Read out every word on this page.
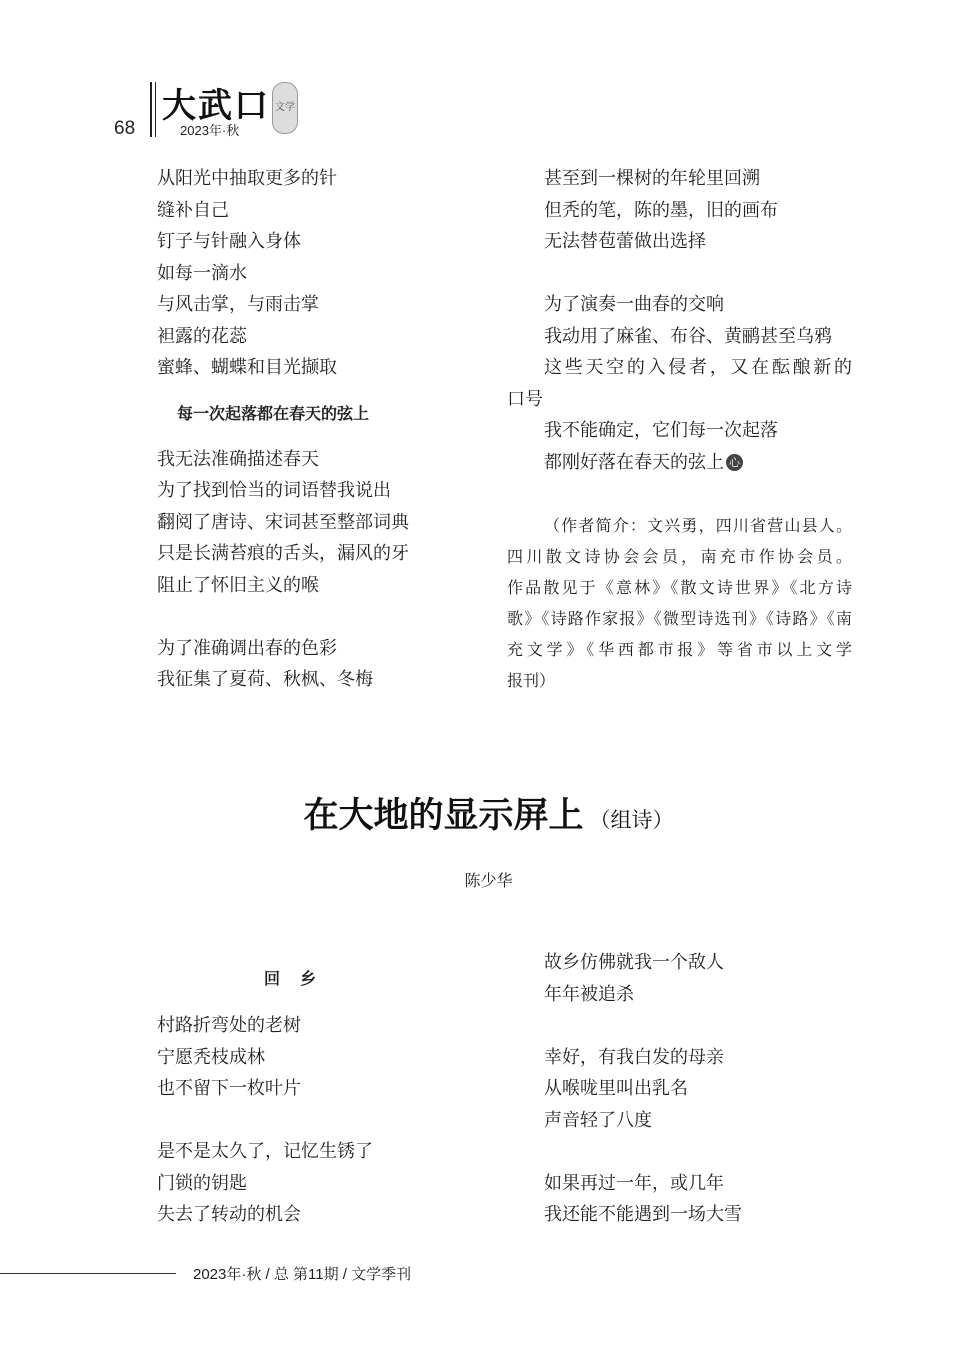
68
大武口 文学
2023年·秋
从阳光中抽取更多的针
缝补自己
钉子与针融入身体
如每一滴水
与风击掌，与雨击掌
袒露的花蕊
蜜蜂、蝴蝶和目光撷取
每一次起落都在春天的弦上
我无法准确描述春天
为了找到恰当的词语替我说出
翻阅了唐诗、宋词甚至整部词典
只是长满苔痕的舌头，漏风的牙
阻止了怀旧主义的喉
为了准确调出春的色彩
我征集了夏荷、秋枫、冬梅
甚至到一棵树的年轮里回溯
但秃的笔，陈的墨，旧的画布
无法替苞蕾做出选择
为了演奏一曲春的交响
我动用了麻雀、布谷、黄鹂甚至乌鸦
这些天空的入侵者，又在酝酿新的
口号
我不能确定，它们每一次起落
都刚好落在春天的弦上 心
（作者简介：文兴勇，四川省营山县人。
四川散文诗协会会员，南充市作协会员。
作品散见于《意林》《散文诗世界》《北方诗
歌》《诗路作家报》《微型诗选刊》《诗路》《南
充文学》《华西都市报》等省市以上文学
报刊）
在大地的显示屏上 （组诗）
陈少华
回乡
村路折弯处的老树
宁愿秃枝成林
也不留下一枚叶片
是不是太久了，记忆生锈了
门锁的钥匙
失去了转动的机会
故乡仿佛就我一个敌人
年年被追杀
幸好，有我白发的母亲
从喉咙里叫出乳名
声音轻了八度
如果再过一年，或几年
我还能不能遇到一场大雪
2023年·秋 / 总 第11期 / 文学季刊
